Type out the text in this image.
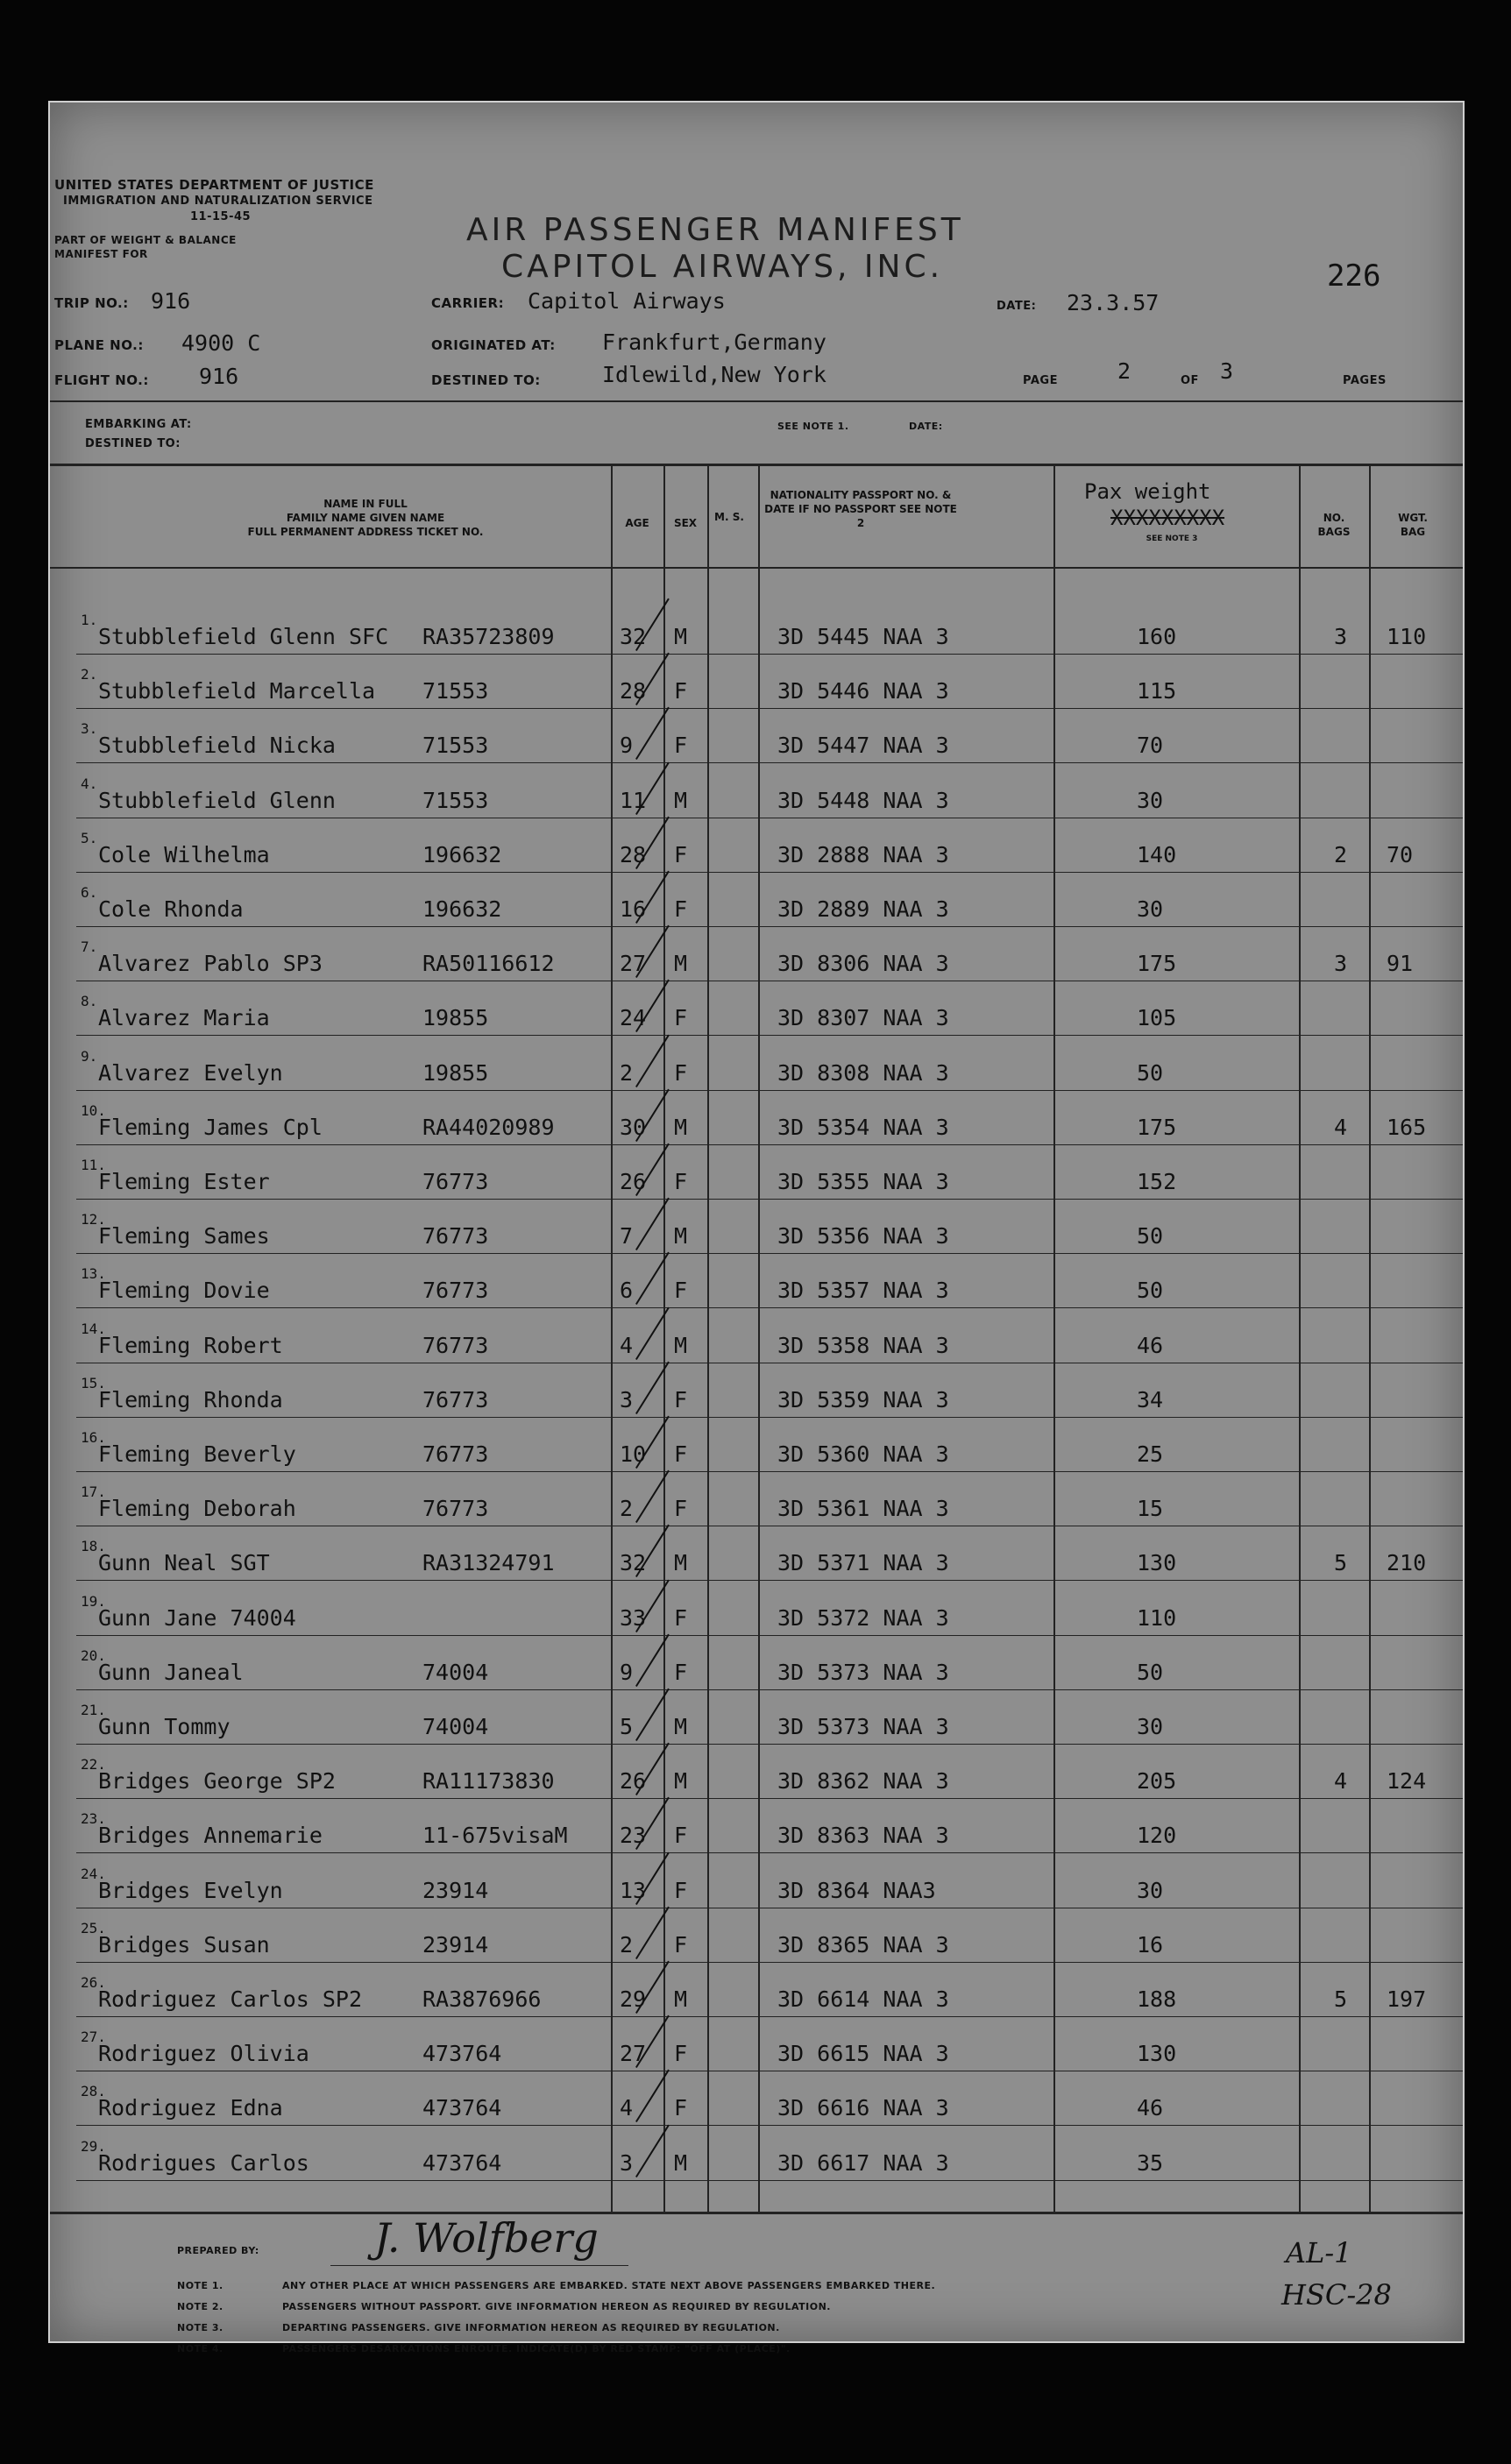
UNITED STATES DEPARTMENT OF JUSTICE
IMMIGRATION AND NATURALIZATION SERVICE
11-15-45
PART OF WEIGHT & BALANCE
MANIFEST FOR
AIR PASSENGER MANIFEST
CAPITOL AIRWAYS, INC.	226
TRIP NO.: 916
PLANE NO.: 4900 C
FLIGHT NO.: 916
CARRIER: Capitol Airways
ORIGINATED AT: Frankfurt,Germany
DESTINED TO:	Idlewild,New York
DATE: 23.3.57
PAGE	2	OF 3	PAGES
EMBARKING AT:
DESTINED TO:
SEE NOTE 1.	DATE:
NAME IN FULL
FAMILY NAME GIVEN NAME
FULL PERMANENT ADDRESS TICKET NO.
AGE	SEX	M. S.
NATIONALITY PASSPORT NO. & DATE IF NO PASSPORT SEE NOTE 2
Pax weight
XXXXXXXXX
SEE NOTE 3
NO. BAGS
WGT. BAG
1.
Stubblefield Glenn SFC RA35723809	32 M	3D 5445 NAA 3	160	3 110
2.
Stubblefield Marcella 71553	28 F	3D 5446 NAA 3	115
3.
Stubblefield Nicka	71553	9 F	3D 5447 NAA 3	70
4.
Stubblefield Glenn	71553	11 M	3D 5448 NAA 3	30
5.
Cole Wilhelma	196632	28 F	3D 2888 NAA 3	140	2 70
6.
Cole Rhonda	196632	16 F	3D 2889 NAA 3	30
7.
Alvarez Pablo SP3	RA50116612	27 M	3D 8306 NAA 3	175	3 91
8.
Alvarez Maria	19855	24 F	3D 8307 NAA 3	105
9.
Alvarez Evelyn	19855	2 F	3D 8308 NAA 3	50
10.
Fleming James Cpl	RA44020989	30 M	3D 5354 NAA 3	175	4 165
11.
Fleming Ester	76773	26 F	3D 5355 NAA 3	152
12.
Fleming Sames	76773	7 M	3D 5356 NAA 3	50
13.
Fleming Dovie	76773	6 F	3D 5357 NAA 3	50
14.
Fleming Robert	76773	4 M	3D 5358 NAA 3	46
15.
Fleming Rhonda	76773	3 F	3D 5359 NAA 3	34
16.
Fleming Beverly	76773	10 F	3D 5360 NAA 3	25
17.
Fleming Deborah	76773	2 F	3D 5361 NAA 3	15
18.
Gunn Neal SGT	RA31324791	32 M	3D 5371 NAA 3	130	5 210
19.
Gunn Jane 74004	33 F	3D 5372 NAA 3	110
20.
Gunn Janeal	74004	9 F	3D 5373 NAA 3	50
21.
Gunn Tommy	74004	5 M	3D 5373 NAA 3	30
22.
Bridges George SP2	RA11173830	26 M	3D 8362 NAA 3	205	4 124
23.
Bridges Annemarie	11-675visaM 23 F	3D 8363 NAA 3	120
24.
Bridges Evelyn	23914	13 F	3D 8364 NAA3	30
25.
Bridges Susan	23914	2 F	3D 8365 NAA 3	16
26.
Rodriguez Carlos SP2	RA3876966	29 M	3D 6614 NAA 3	188	5 197
27.
Rodriguez Olivia	473764	27 F	3D 6615 NAA 3	130
28.
Rodriguez Edna	473764	4 F	3D 6616 NAA 3	46
29.
Rodrigues Carlos	473764	3 M	3D 6617 NAA 3	35
PREPARED BY:	J. Wolfberg
NOTE 1.	ANY OTHER PLACE AT WHICH PASSENGERS ARE EMBARKED. STATE NEXT ABOVE PASSENGERS EMBARKED THERE.
NOTE 2.	PASSENGERS WITHOUT PASSPORT. GIVE INFORMATION HEREON AS REQUIRED BY REGULATION.
NOTE 3.	DEPARTING PASSENGERS. GIVE INFORMATION HEREON AS REQUIRED BY REGULATION.
NOTE 4.	PASSENGERS DESARKATIONS ENROUTE. INDICATE(D) BY RED STAMP: "OFF AT (PLACE)".
AL-1
HSC-28
